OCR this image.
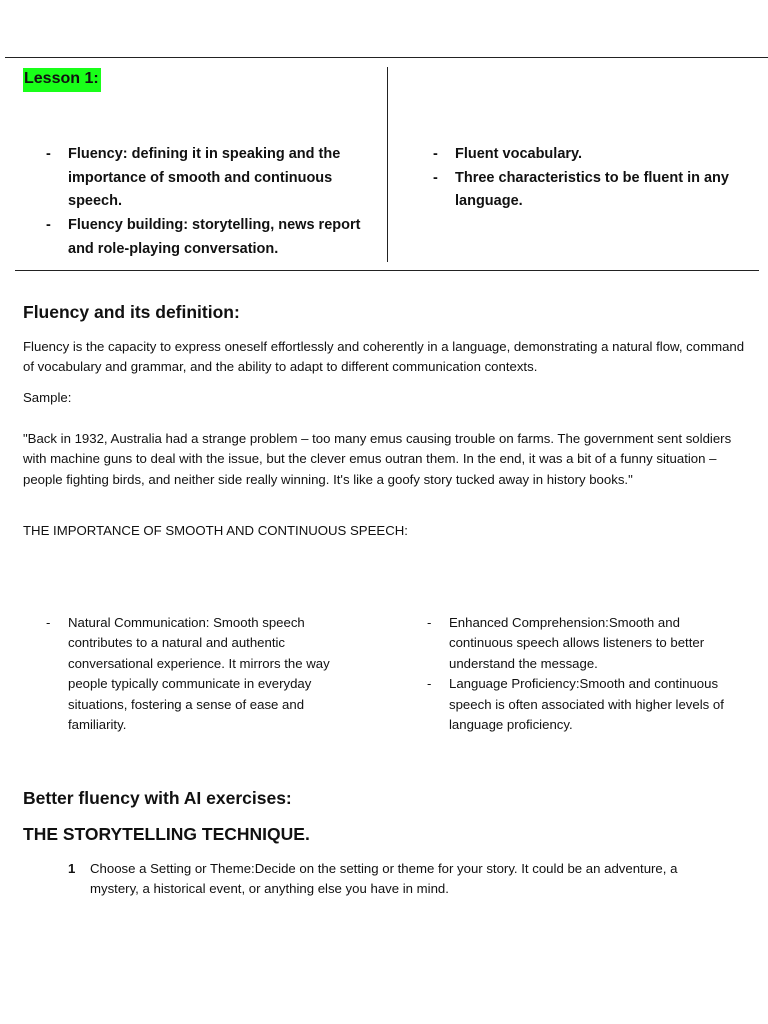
Lesson 1:
- Fluency: defining it in speaking and the importance of smooth and continuous speech.
- Fluency building: storytelling, news report and role-playing conversation.
- Fluent vocabulary.
- Three characteristics to be fluent in any language.
Fluency and its definition:
Fluency is the capacity to express oneself effortlessly and coherently in a language, demonstrating a natural flow, command of vocabulary and grammar, and the ability to adapt to different communication contexts.
Sample:
"Back in 1932, Australia had a strange problem – too many emus causing trouble on farms. The government sent soldiers with machine guns to deal with the issue, but the clever emus outran them. In the end, it was a bit of a funny situation – people fighting birds, and neither side really winning. It's like a goofy story tucked away in history books."
THE IMPORTANCE OF SMOOTH AND CONTINUOUS SPEECH:
- Natural Communication: Smooth speech contributes to a natural and authentic conversational experience. It mirrors the way people typically communicate in everyday situations, fostering a sense of ease and familiarity.
- Enhanced Comprehension:Smooth and continuous speech allows listeners to better understand the message.
- Language Proficiency:Smooth and continuous speech is often associated with higher levels of language proficiency.
Better fluency with AI exercises:
THE STORYTELLING TECHNIQUE.
1 Choose a Setting or Theme:Decide on the setting or theme for your story. It could be an adventure, a mystery, a historical event, or anything else you have in mind.
